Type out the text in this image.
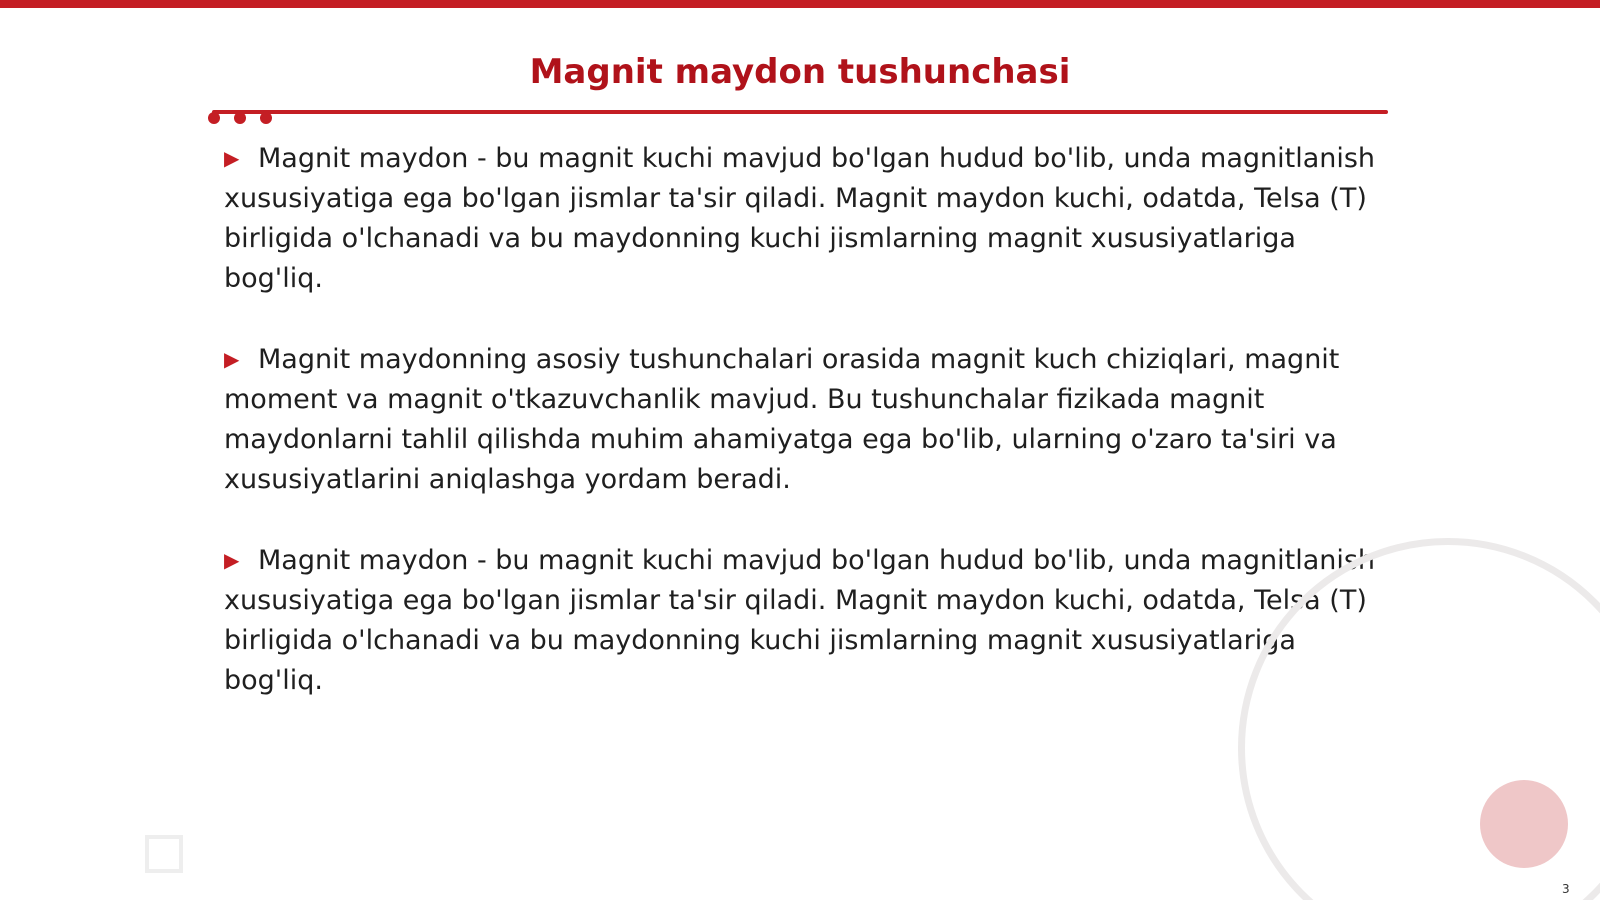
Magnit maydon tushunchasi

▶ Magnit maydon - bu magnit kuchi mavjud bo'lgan hudud bo'lib, unda magnitlanish xususiyatiga ega bo'lgan jismlar ta'sir qiladi. Magnit maydon kuchi, odatda, Telsa (T) birligida o'lchanadi va bu maydonning kuchi jismlarning magnit xususiyatlariga bog'liq.

▶ Magnit maydonning asosiy tushunchalari orasida magnit kuch chiziqlari, magnit moment va magnit o'tkazuvchanlik mavjud. Bu tushunchalar fizikada magnit maydonlarni tahlil qilishda muhim ahamiyatga ega bo'lib, ularning o'zaro ta'siri va xususiyatlarini aniqlashga yordam beradi.

▶ Magnit maydon - bu magnit kuchi mavjud bo'lgan hudud bo'lib, unda magnitlanish xususiyatiga ega bo'lgan jismlar ta'sir qiladi. Magnit maydon kuchi, odatda, Telsa (T) birligida o'lchanadi va bu maydonning kuchi jismlarning magnit xususiyatlariga bog'liq.

3
